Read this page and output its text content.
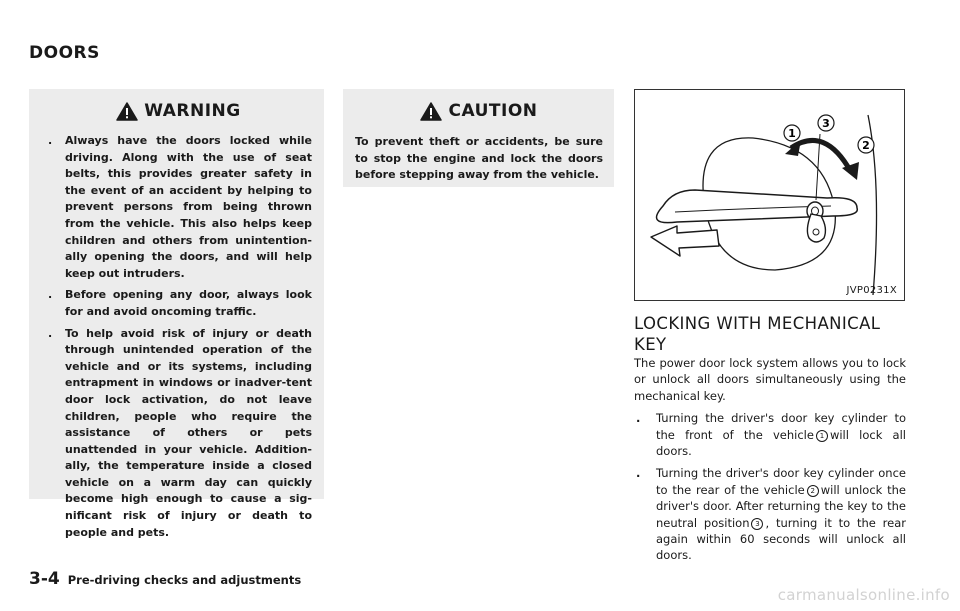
DOORS
WARNING
. Always have the doors locked while driving. Along with the use of seat belts, this provides greater safety in the event of an accident by helping to prevent persons from being thrown from the vehicle. This also helps keep children and others from unintention-ally opening the doors, and will help keep out intruders.
. Before opening any door, always look for and avoid oncoming traffic.
. To help avoid risk of injury or death through unintended operation of the vehicle and or its systems, including entrapment in windows or inadver-tent door lock activation, do not leave children, people who require the assistance of others or pets unattended in your vehicle. Addition-ally, the temperature inside a closed vehicle on a warm day can quickly become high enough to cause a sig-nificant risk of injury or death to people and pets.
CAUTION

To prevent theft or accidents, be sure to stop the engine and lock the doors before stepping away from the vehicle.

1
3
2
JVP0231X
LOCKING WITH MECHANICAL KEY

The power door lock system allows you to lock or unlock all doors simultaneously using the mechanical key.

. Turning the driver's door key cylinder to the front of the vehicle 1 will lock all doors.
. Turning the driver's door key cylinder once to the rear of the vehicle 2 will unlock the driver's door. After returning the key to the neutral position 3 , turning it to the rear again within 60 seconds will unlock all doors.
3-4 Pre-driving checks and adjustments
carmanualsonline.info
